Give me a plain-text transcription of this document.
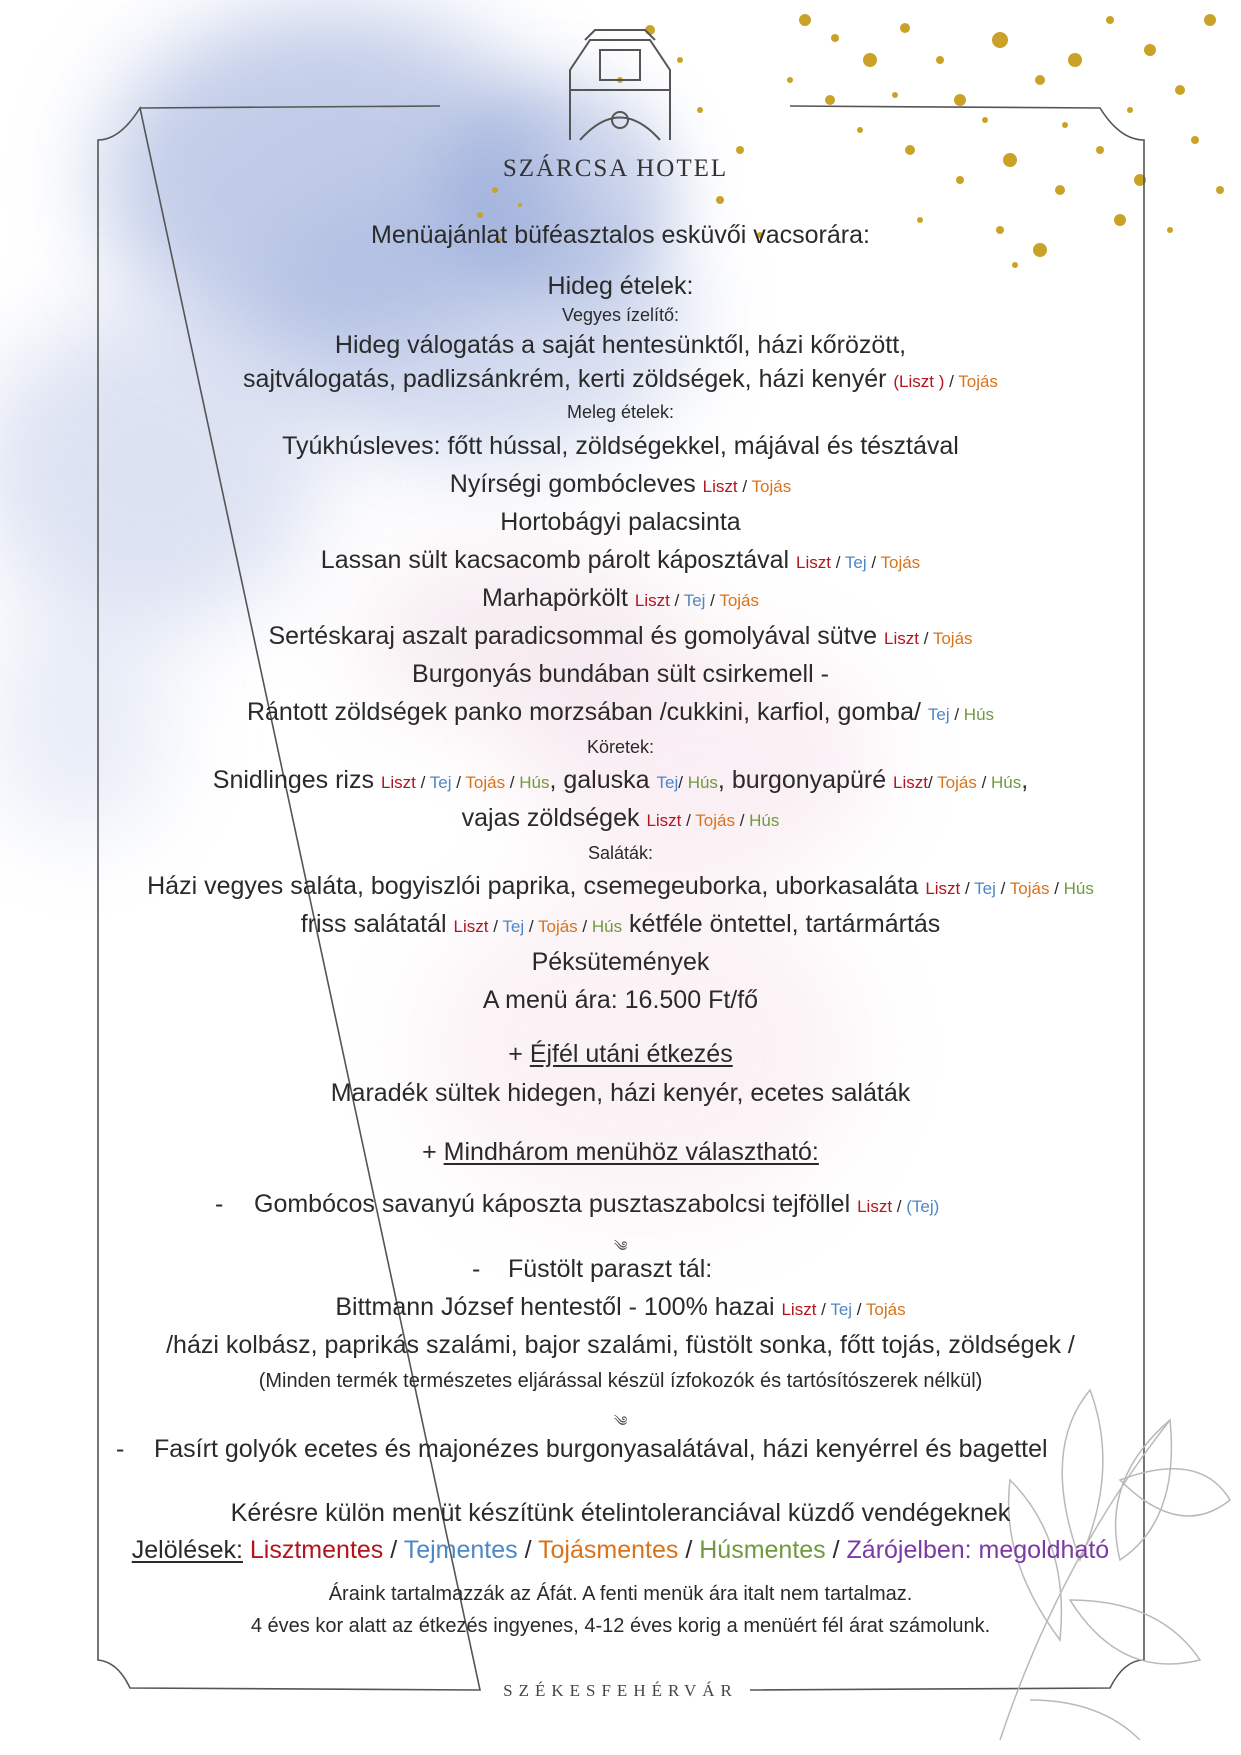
SZÁRCSA HOTEL
Menüajánlat büféasztalos esküvői vacsorára:
Hideg ételek:
Vegyes ízelítő:
Hideg válogatás a saját hentesünktől, házi kőrözött,
sajtválogatás, padlizsánkrém, kerti zöldségek, házi kenyér (Liszt ) / Tojás
Meleg ételek:
Tyúkhúsleves: főtt hússal, zöldségekkel, májával és tésztával
Nyírségi gombócleves Liszt / Tojás
Hortobágyi palacsinta
Lassan sült kacsacomb párolt káposztával Liszt / Tej / Tojás
Marhapörkölt Liszt / Tej / Tojás
Sertéskaraj aszalt paradicsommal és gomolyával sütve Liszt / Tojás
Burgonyás bundában sült csirkemell -
Rántott zöldségek panko morzsában /cukkini, karfiol, gomba/ Tej / Hús
Köretek:
Snidlinges rizs Liszt / Tej / Tojás / Hús, galuska Tej/ Hús, burgonyapüré Liszt/ Tojás / Hús,
vajas zöldségek Liszt / Tojás / Hús
Saláták:
Házi vegyes saláta, bogyiszlói paprika, csemegeuborka, uborkasaláta Liszt / Tej / Tojás / Hús
friss salátatál Liszt / Tej / Tojás / Hús kétféle öntettel, tartármártás
Péksütemények
A menü ára: 16.500 Ft/fő
+ Éjfél utáni étkezés
Maradék sültek hidegen, házi kenyér, ecetes saláták
+ Mindhárom menühöz választható:
- Gombócos savanyú káposzta pusztaszabolcsi tejföllel Liszt / (Tej)
༄
- Füstölt paraszt tál:
Bittmann József hentestől - 100% hazai Liszt / Tej / Tojás
/házi kolbász, paprikás szalámi, bajor szalámi, füstölt sonka, főtt tojás, zöldségek /
(Minden termék természetes eljárással készül ízfokozók és tartósítószerek nélkül)
༄
- Fasírt golyók ecetes és majonézes burgonyasalátával, házi kenyérrel és bagettel
Kérésre külön menüt készítünk ételintoleranciával küzdő vendégeknek
Jelölések: Lisztmentes / Tejmentes / Tojásmentes / Húsmentes / Zárójelben: megoldható
Áraink tartalmazzák az Áfát. A fenti menük ára italt nem tartalmaz.
4 éves kor alatt az étkezés ingyenes, 4-12 éves korig a menüért fél árat számolunk.
SZÉKESFEHÉRVÁR
